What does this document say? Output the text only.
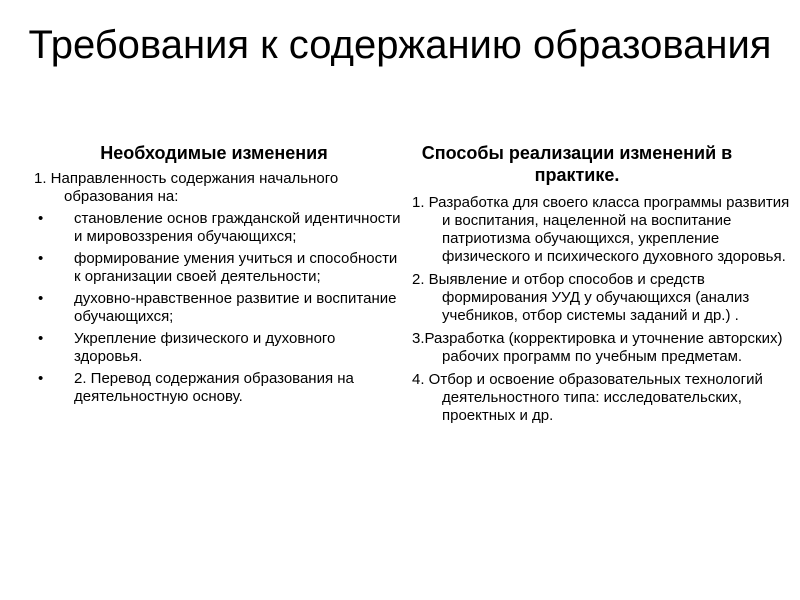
Требования к содержанию образования
Необходимые изменения
1. Направленность содержания начального образования на:
• становление основ гражданской идентичности и мировоззрения обучающихся;
• формирование умения учиться и способности к организации своей деятельности;
• духовно-нравственное развитие и воспитание обучающихся;
• Укрепление физического и духовного здоровья.
• 2. Перевод содержания образования на деятельностную основу.
Способы реализации изменений в практике.
1. Разработка для своего класса программы развития и воспитания, нацеленной на воспитание патриотизма обучающихся, укрепление физического и психического духовного здоровья.
2. Выявление и отбор способов и средств формирования УУД у обучающихся (анализ учебников, отбор системы заданий и др.) .
3.Разработка (корректировка и уточнение авторских) рабочих программ по учебным предметам.
4. Отбор и освоение образовательных технологий деятельностного типа: исследовательских, проектных и др.
